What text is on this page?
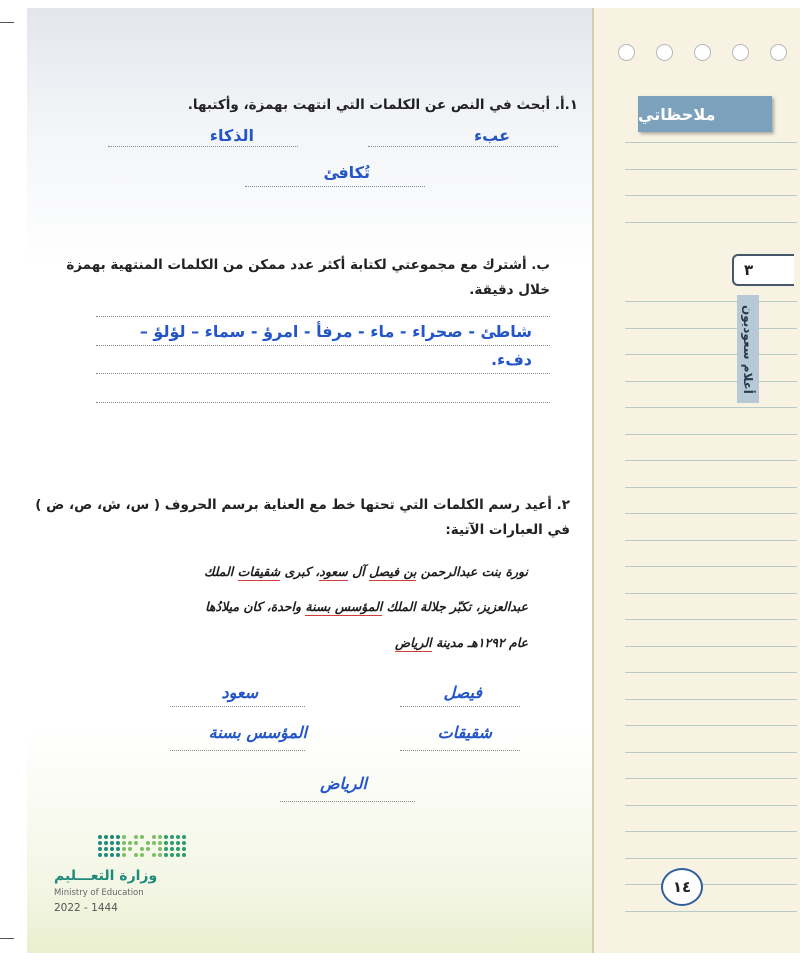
ملاحظاتي
٣
أعلام سعوديون
١٤
١.أ. أبحث في النص عن الكلمات التي انتهت بهمزة، وأكتبها.
عبء
الذكاء
تُكافئ
ب. أشترك مع مجموعتي لكتابة أكثر عدد ممكن من الكلمات المنتهية بهمزة
خلال دقيقة.
شاطئ - صحراء - ماء - مرفأ - امرؤ - سماء – لؤلؤ –
دفء.
٢. أعيد رسم الكلمات التي تحتها خط مع العناية برسم الحروف ( س، ش، ص، ض )
في العبارات الآتية:
نورة بنت عبدالرحمن بن فيصل آل سعود، كبرى شقيقات الملك
عبدالعزيز، تكبّر جلالة الملك المؤسس بسنة واحدة، كان ميلادُها
عام ١٢٩٢هـ مدينة الرياض
فيصل
سعود
شقيقات
المؤسس بسنة
الرياض
وزارة التعـــليم
Ministry of Education
2022 - 1444
